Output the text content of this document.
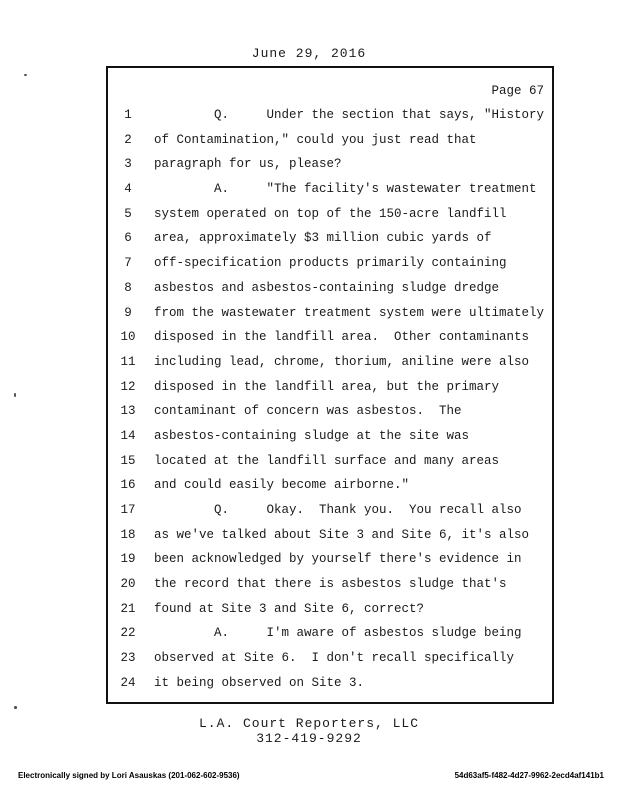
June 29, 2016
Page 67
1
2
3
4
5
6
7
8
9
10
11
12
13
14
15
16
17
18
19
20
21
22
23
24
Q.     Under the section that says, "History
of Contamination," could you just read that
paragraph for us, please?
A.     "The facility's wastewater treatment
system operated on top of the 150-acre landfill
area, approximately $3 million cubic yards of
off-specification products primarily containing
asbestos and asbestos-containing sludge dredge
from the wastewater treatment system were ultimately
disposed in the landfill area.  Other contaminants
including lead, chrome, thorium, aniline were also
disposed in the landfill area, but the primary
contaminant of concern was asbestos.  The
asbestos-containing sludge at the site was
located at the landfill surface and many areas
and could easily become airborne."
Q.     Okay.  Thank you.  You recall also
as we've talked about Site 3 and Site 6, it's also
been acknowledged by yourself there's evidence in
the record that there is asbestos sludge that's
found at Site 3 and Site 6, correct?
A.     I'm aware of asbestos sludge being
observed at Site 6.  I don't recall specifically
it being observed on Site 3.
L.A. Court Reporters, LLC
312-419-9292
Electronically signed by Lori Asauskas (201-062-602-9536)	54d63af5-f482-4d27-9962-2ecd4af141b1
